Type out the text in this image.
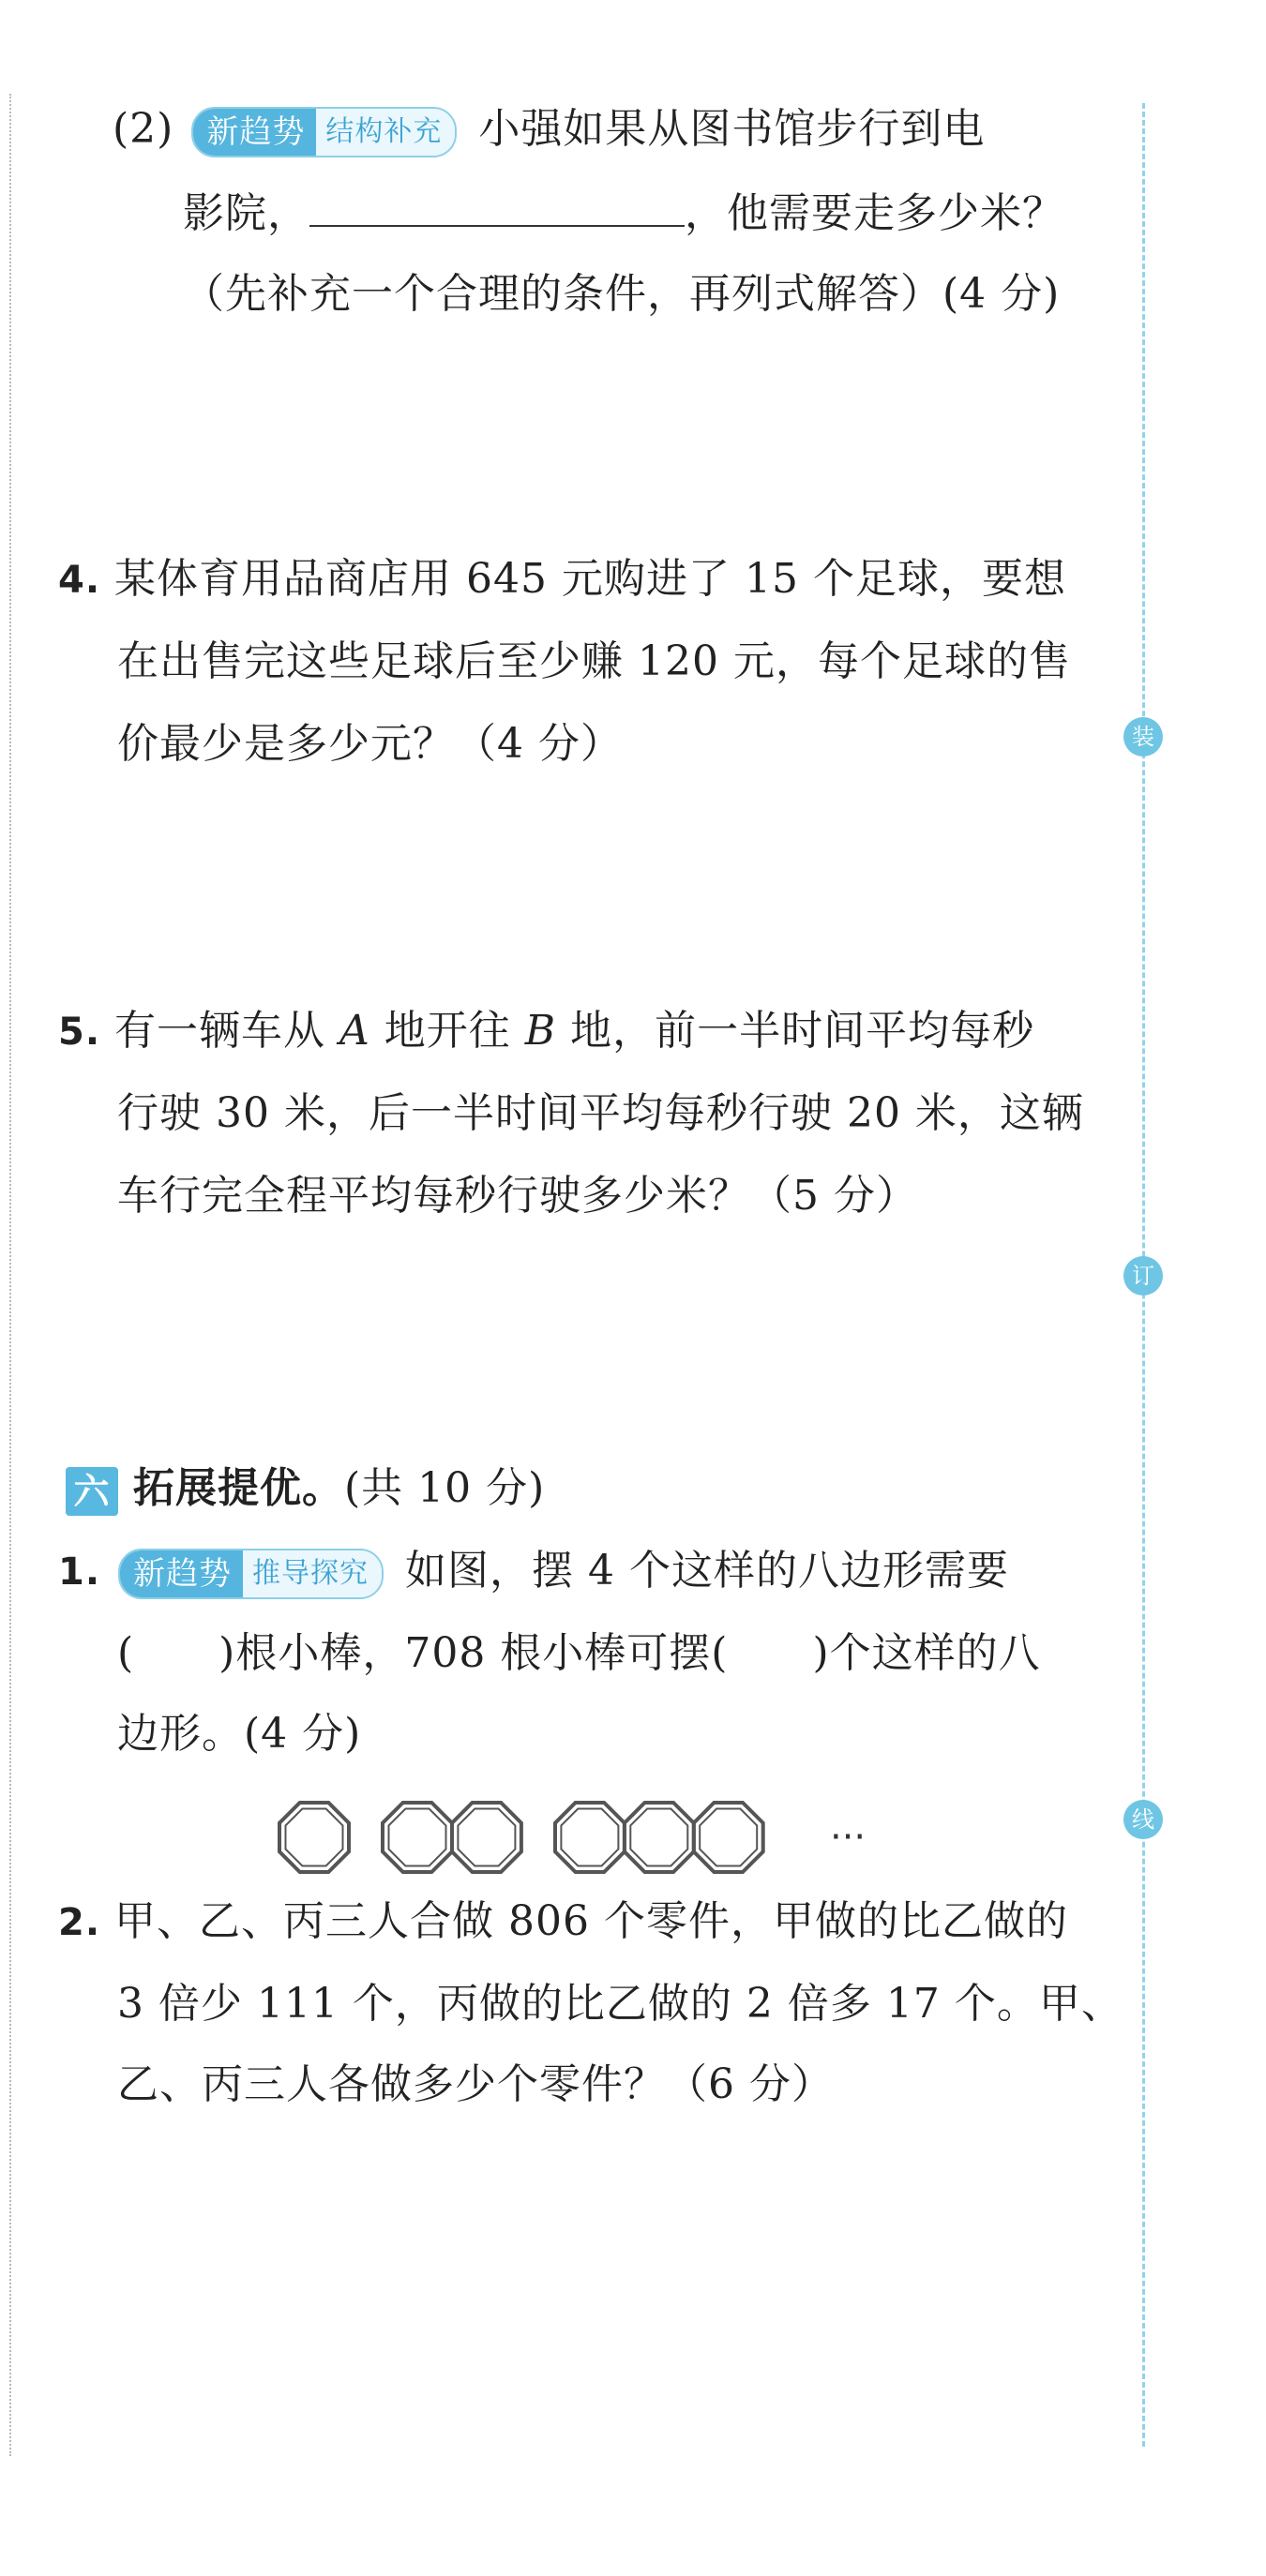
装
订
线
(2)	新趋势 结构补充 小强如果从图书馆步行到电
影院，	，他需要走多少米？
（先补充一个合理的条件，再列式解答）(4 分)
4. 某体育用品商店用 645 元购进了 15 个足球，要想
在出售完这些足球后至少赚 120 元，每个足球的售
价最少是多少元？（4 分）
5. 有一辆车从 A 地开往 B 地，前一半时间平均每秒
行驶 30 米，后一半时间平均每秒行驶 20 米，这辆
车行完全程平均每秒行驶多少米？（5 分）
六 拓展提优。(共 10 分)
1.	新趋势 推导探究 如图，摆 4 个这样的八边形需要
(　　)根小棒，708 根小棒可摆(　　)个这样的八
边形。(4 分)
···
2. 甲、乙、丙三人合做 806 个零件，甲做的比乙做的
3 倍少 111 个，丙做的比乙做的 2 倍多 17 个。甲、
乙、丙三人各做多少个零件？（6 分）
